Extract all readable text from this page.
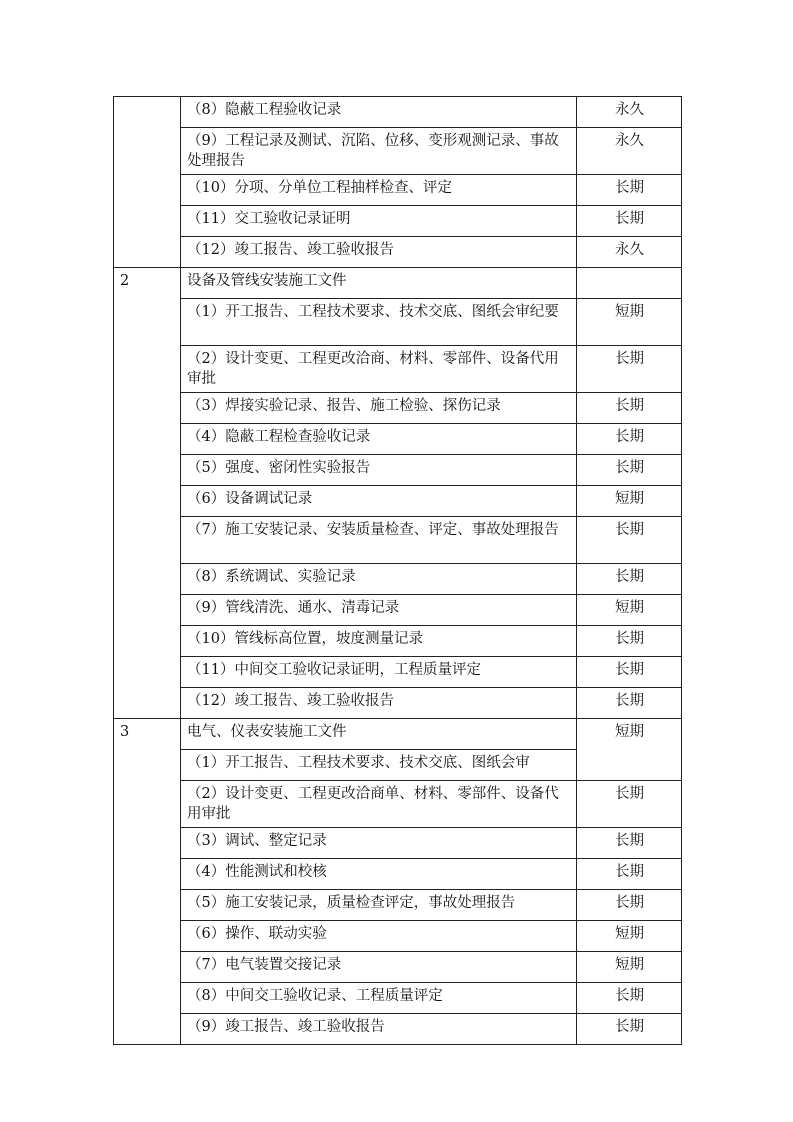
	（8）隐蔽工程验收记录	永久
	（9）工程记录及测试、沉陷、位移、变形观测记录、事故处理报告	永久
	（10）分项、分单位工程抽样检查、评定	长期
	（11）交工验收记录证明	长期
	（12）竣工报告、竣工验收报告	永久
2	设备及管线安装施工文件	
	（1）开工报告、工程技术要求、技术交底、图纸会审纪要	短期
	（2）设计变更、工程更改洽商、材料、零部件、设备代用审批	长期
	（3）焊接实验记录、报告、施工检验、探伤记录	长期
	（4）隐蔽工程检查验收记录	长期
	（5）强度、密闭性实验报告	长期
	（6）设备调试记录	短期
	（7）施工安装记录、安装质量检查、评定、事故处理报告	长期
	（8）系统调试、实验记录	长期
	（9）管线清洗、通水、清毒记录	短期
	（10）管线标高位置，坡度测量记录	长期
	（11）中间交工验收记录证明，工程质量评定	长期
	（12）竣工报告、竣工验收报告	长期
3	电气、仪表安装施工文件	短期
	（1）开工报告、工程技术要求、技术交底、图纸会审	
	（2）设计变更、工程更改洽商单、材料、零部件、设备代用审批	长期
	（3）调试、整定记录	长期
	（4）性能测试和校核	长期
	（5）施工安装记录，质量检查评定，事故处理报告	长期
	（6）操作、联动实验	短期
	（7）电气装置交接记录	短期
	（8）中间交工验收记录、工程质量评定	长期
	（9）竣工报告、竣工验收报告	长期
